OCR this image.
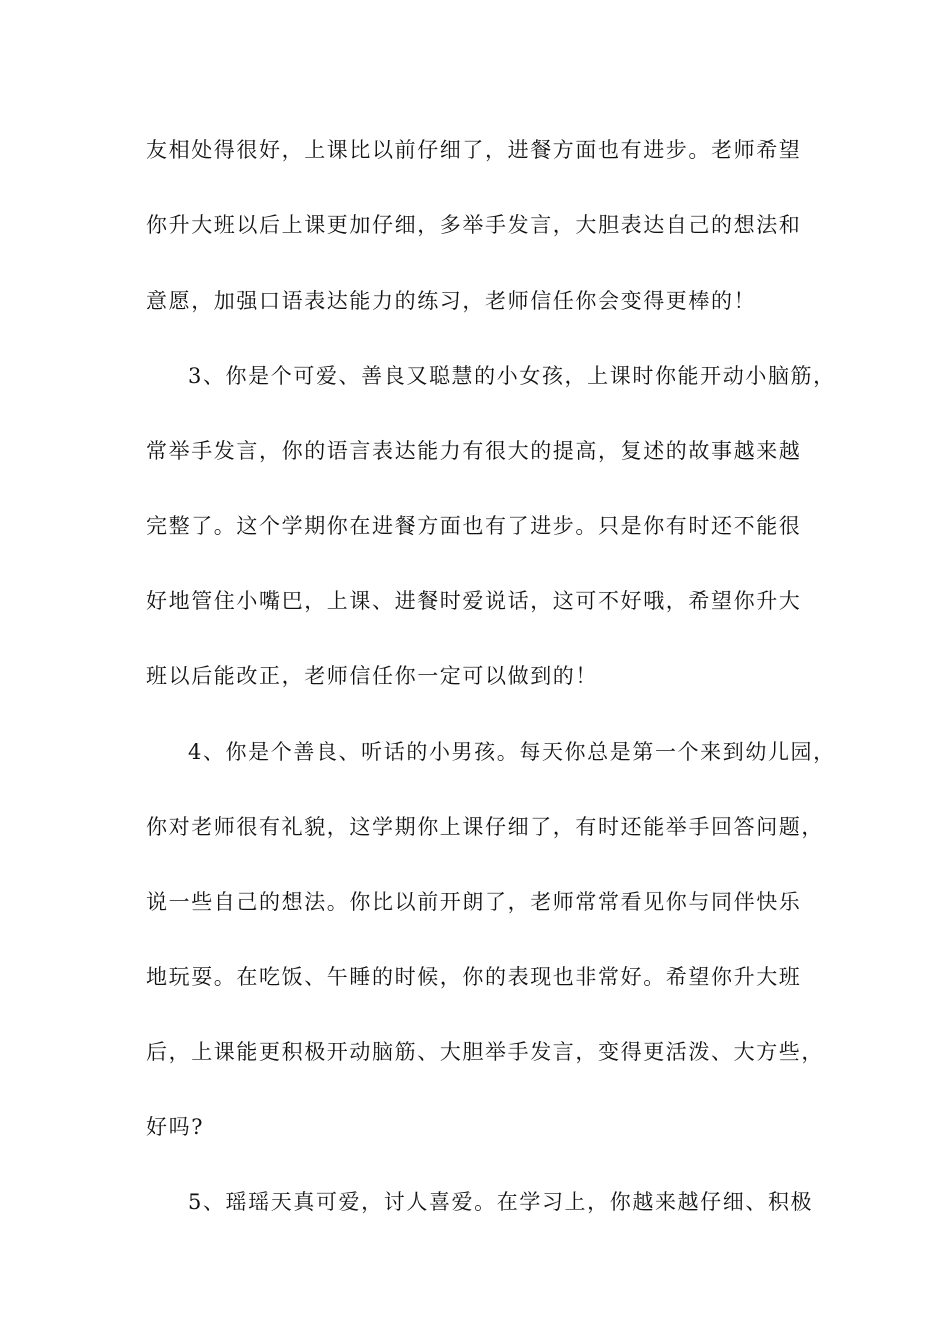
友相处得很好，上课比以前仔细了，进餐方面也有进步。老师希望
你升大班以后上课更加仔细，多举手发言，大胆表达自己的想法和
意愿，加强口语表达能力的练习，老师信任你会变得更棒的！
3、你是个可爱、善良又聪慧的小女孩，上课时你能开动小脑筋，
常举手发言，你的语言表达能力有很大的提高，复述的故事越来越
完整了。这个学期你在进餐方面也有了进步。只是你有时还不能很
好地管住小嘴巴，上课、进餐时爱说话，这可不好哦，希望你升大
班以后能改正，老师信任你一定可以做到的！
4、你是个善良、听话的小男孩。每天你总是第一个来到幼儿园，
你对老师很有礼貌，这学期你上课仔细了，有时还能举手回答问题，
说一些自己的想法。你比以前开朗了，老师常常看见你与同伴快乐
地玩耍。在吃饭、午睡的时候，你的表现也非常好。希望你升大班
后，上课能更积极开动脑筋、大胆举手发言，变得更活泼、大方些，
好吗?
5、瑶瑶天真可爱，讨人喜爱。在学习上，你越来越仔细、积极
